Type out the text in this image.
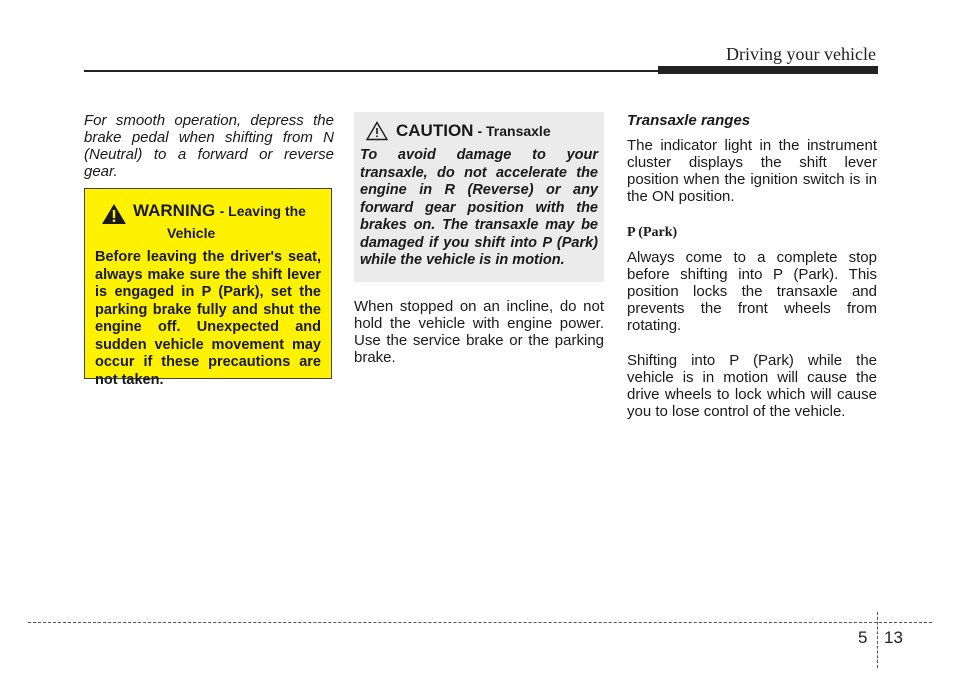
Driving your vehicle

For smooth operation, depress the brake pedal when shifting from N (Neutral) to a forward or reverse gear.

WARNING - Leaving the
Vehicle

Before leaving the driver's seat, always make sure the shift lever is engaged in P (Park), set the parking brake fully and shut the engine off. Unexpected and sudden vehicle movement may occur if these precautions are not taken.

CAUTION - Transaxle

To avoid damage to your transaxle, do not accelerate the engine in R (Reverse) or any forward gear position with the brakes on. The transaxle may be damaged if you shift into P (Park) while the vehicle is in motion.

When stopped on an incline, do not hold the vehicle with engine power. Use the service brake or the parking brake.

Transaxle ranges

The indicator light in the instrument cluster displays the shift lever position when the ignition switch is in the ON position.

P (Park)

Always come to a complete stop before shifting into P (Park). This position locks the transaxle and prevents the front wheels from rotating.

Shifting into P (Park) while the vehicle is in motion will cause the drive wheels to lock which will cause you to lose control of the vehicle.

5 13
